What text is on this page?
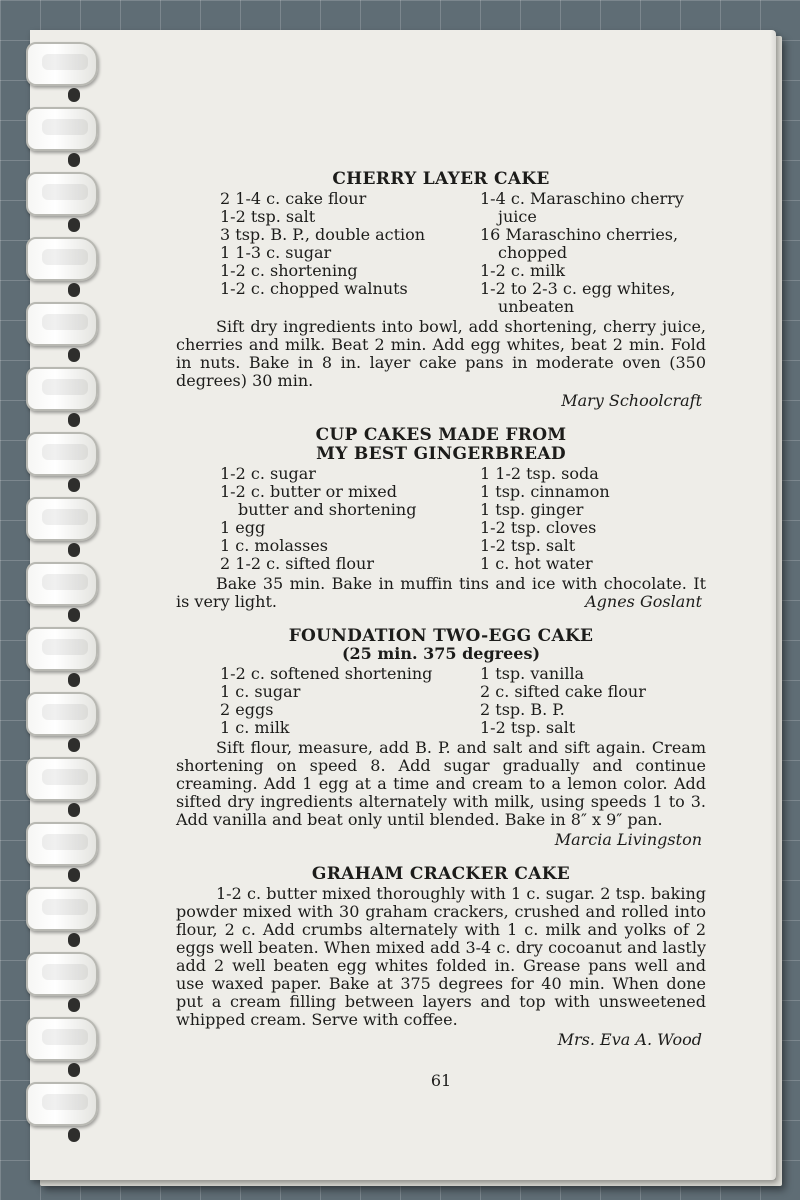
CHERRY LAYER CAKE
2 1-4 c. cake flour
1-2 tsp. salt
3 tsp. B. P., double action
1 1-3 c. sugar
1-2 c. shortening
1-2 c. chopped walnuts
1-4 c. Maraschino cherry
juice
16 Maraschino cherries,
chopped
1-2 c. milk
1-2 to 2-3 c. egg whites,
unbeaten

Sift dry ingredients into bowl, add shortening, cherry juice, cherries and milk. Beat 2 min. Add egg whites, beat 2 min. Fold in nuts. Bake in 8 in. layer cake pans in moderate oven (350 degrees) 30 min.

Mary Schoolcraft
CUP CAKES MADE FROM
MY BEST GINGERBREAD
1-2 c. sugar
1-2 c. butter or mixed
butter and shortening
1 egg
1 c. molasses
2 1-2 c. sifted flour
1 1-2 tsp. soda
1 tsp. cinnamon
1 tsp. ginger
1-2 tsp. cloves
1-2 tsp. salt
1 c. hot water

Bake 35 min. Bake in muffin tins and ice with chocolate. It is very light.	Agnes Goslant

FOUNDATION TWO-EGG CAKE
(25 min. 375 degrees)
1-2 c. softened shortening
1 c. sugar
2 eggs
1 c. milk
1 tsp. vanilla
2 c. sifted cake flour
2 tsp. B. P.
1-2 tsp. salt

Sift flour, measure, add B. P. and salt and sift again. Cream shortening on speed 8. Add sugar gradually and continue creaming. Add 1 egg at a time and cream to a lemon color. Add sifted dry ingredients alternately with milk, using speeds 1 to 3. Add vanilla and beat only until blended. Bake in 8″ x 9″ pan.

Marcia Livingston
GRAHAM CRACKER CAKE

1-2 c. butter mixed thoroughly with 1 c. sugar. 2 tsp. baking powder mixed with 30 graham crackers, crushed and rolled into flour, 2 c. Add crumbs alternately with 1 c. milk and yolks of 2 eggs well beaten. When mixed add 3-4 c. dry cocoanut and lastly add 2 well beaten egg whites folded in. Grease pans well and use waxed paper. Bake at 375 degrees for 40 min. When done put a cream filling between layers and top with unsweetened whipped cream. Serve with coffee.

Mrs. Eva A. Wood
61
